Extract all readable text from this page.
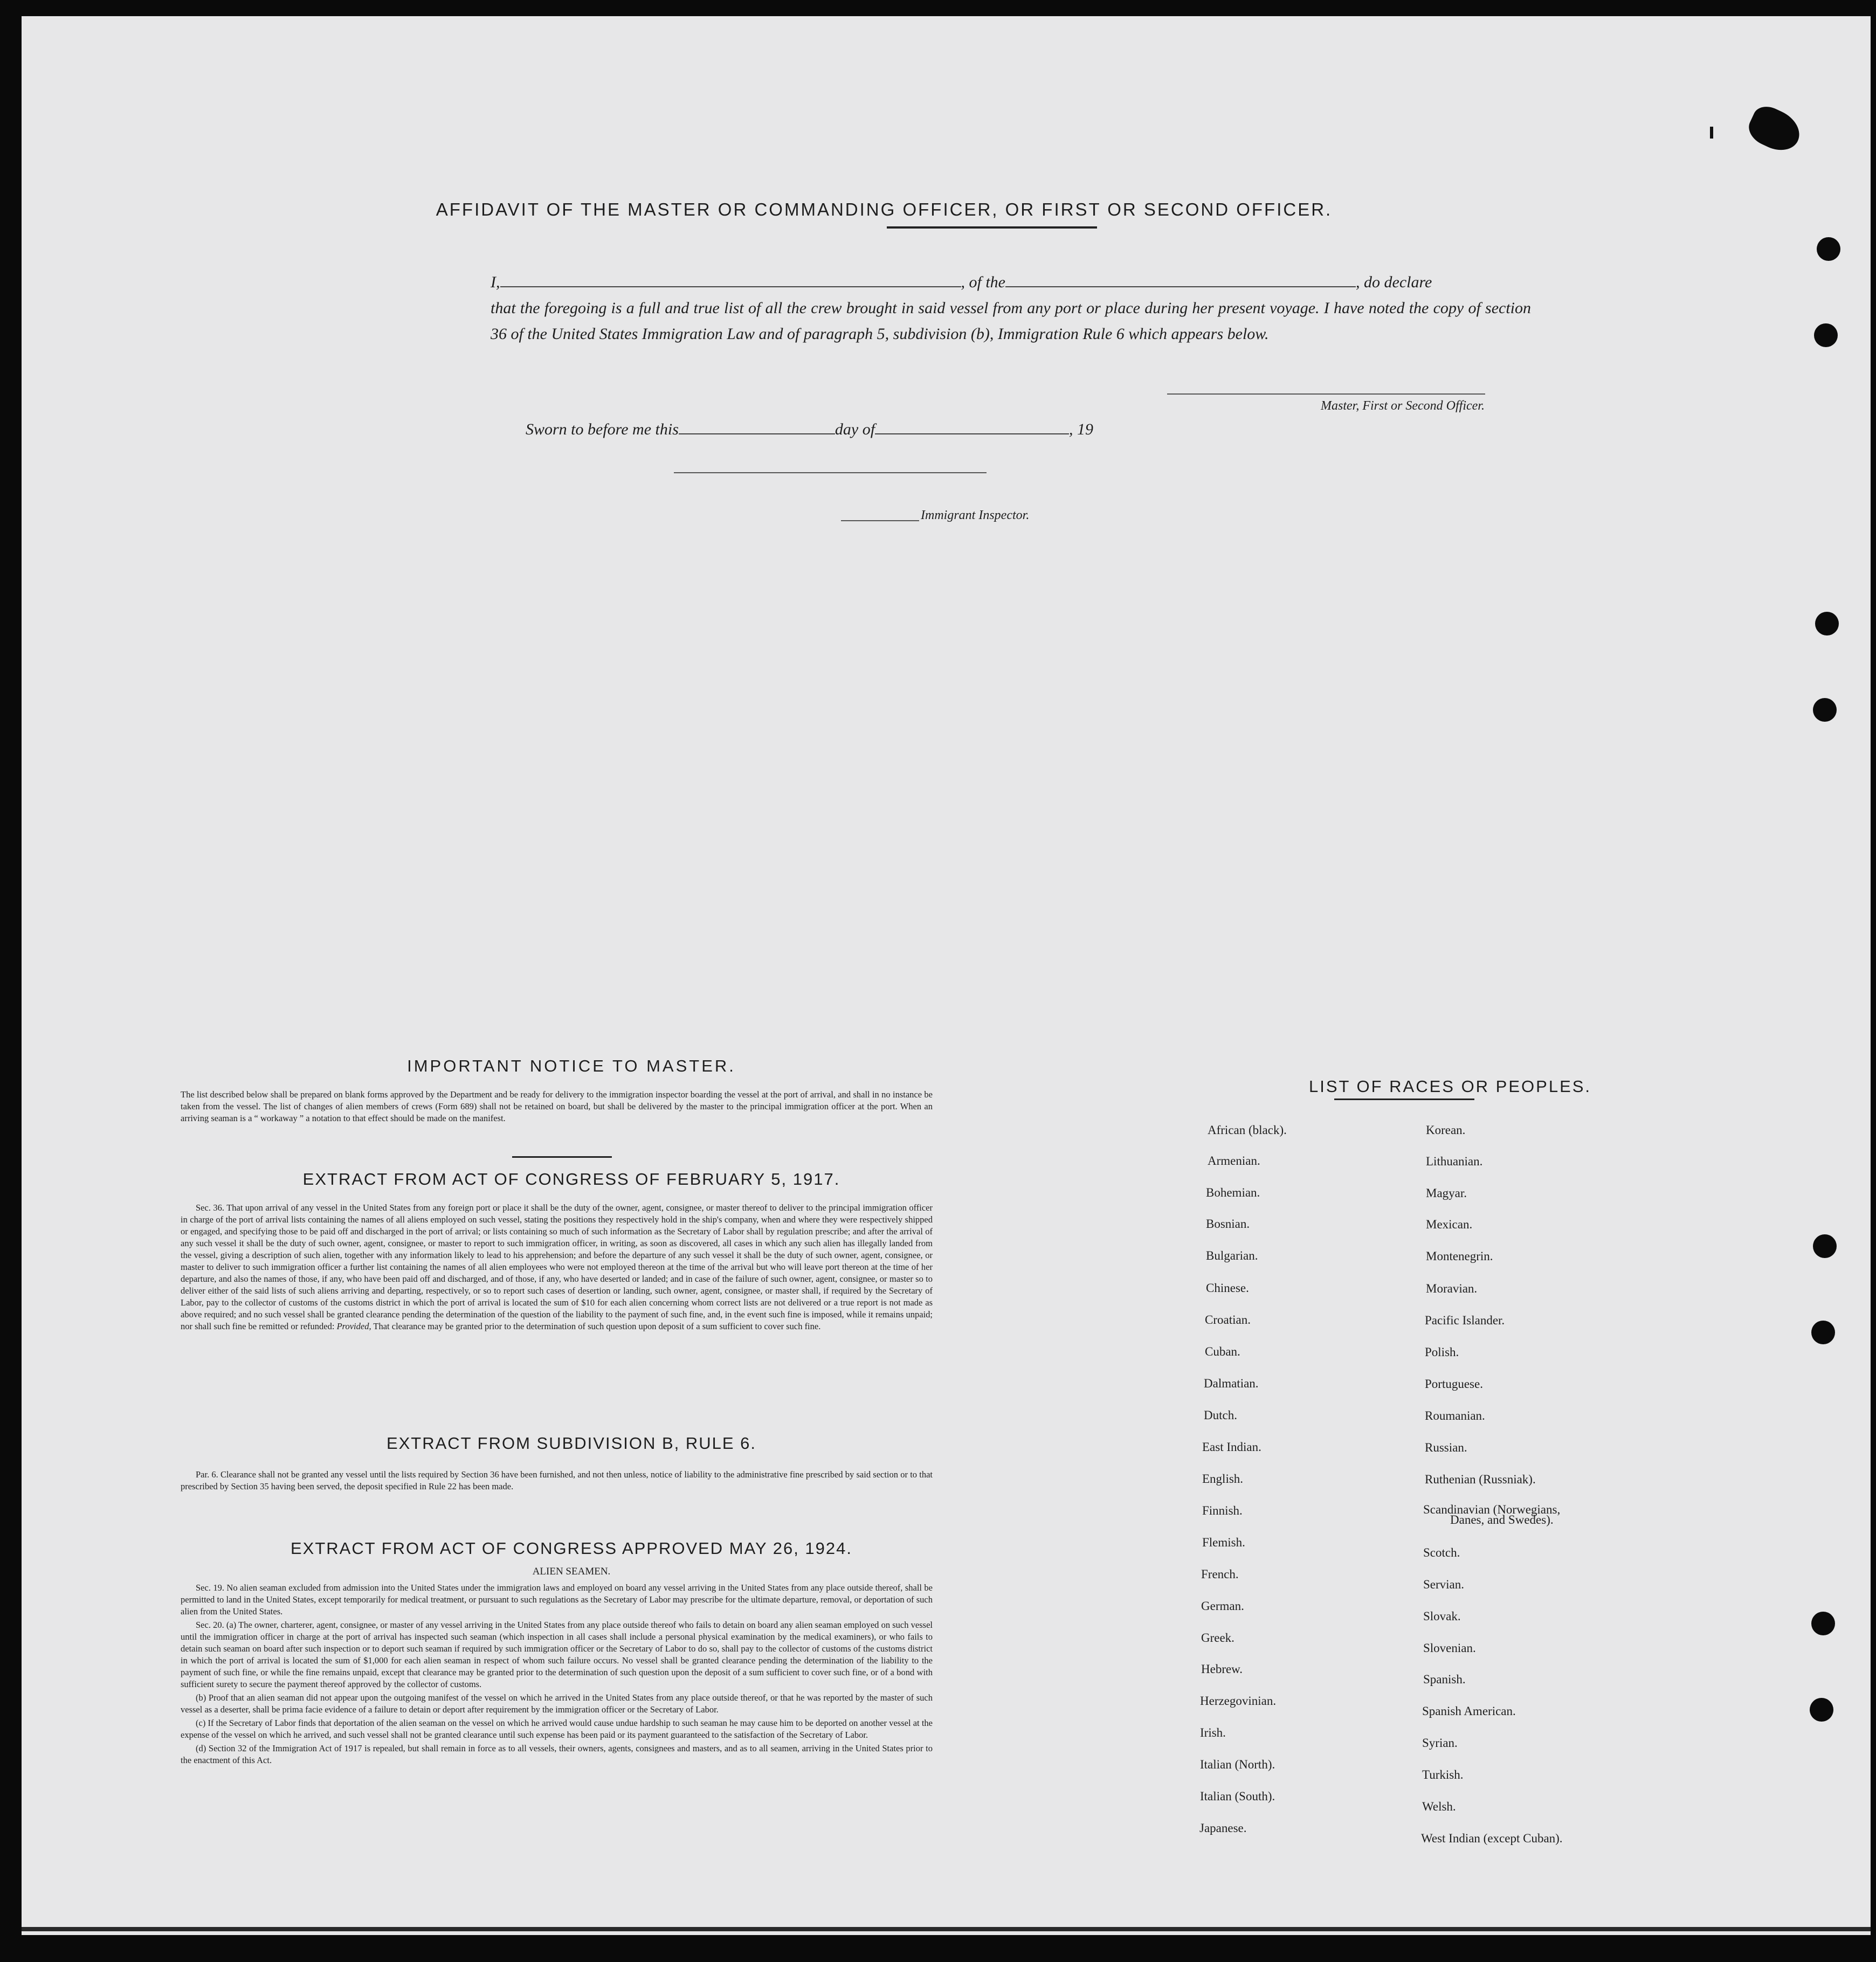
AFFIDAVIT OF THE MASTER OR COMMANDING OFFICER, OR FIRST OR SECOND OFFICER.
I,	, of the	, do declare
that the foregoing is a full and true list of all the crew brought in said vessel from any port or place during her present voyage. I have noted the copy of section 36 of the United States Immigration Law and of paragraph 5, subdivision (b), Immigration Rule 6 which appears below.
Master, First or Second Officer.
Sworn to before me this	day of	, 19
Immigrant Inspector.
IMPORTANT NOTICE TO MASTER.
The list described below shall be prepared on blank forms approved by the Department and be ready for delivery to the immigration inspector boarding the vessel at the port of arrival, and shall in no instance be taken from the vessel. The list of changes of alien members of crews (Form 689) shall not be retained on board, but shall be delivered by the master to the principal immigration officer at the port. When an arriving seaman is a “ workaway ” a notation to that effect should be made on the manifest.
EXTRACT FROM ACT OF CONGRESS OF FEBRUARY 5, 1917.
Sec. 36. That upon arrival of any vessel in the United States from any foreign port or place it shall be the duty of the owner, agent, consignee, or master thereof to deliver to the principal immigration officer in charge of the port of arrival lists containing the names of all aliens employed on such vessel, stating the positions they respectively hold in the ship's company, when and where they were respectively shipped or engaged, and specifying those to be paid off and discharged in the port of arrival; or lists containing so much of such information as the Secretary of Labor shall by regulation prescribe; and after the arrival of any such vessel it shall be the duty of such owner, agent, consignee, or master to report to such immigration officer, in writing, as soon as discovered, all cases in which any such alien has illegally landed from the vessel, giving a description of such alien, together with any information likely to lead to his apprehension; and before the departure of any such vessel it shall be the duty of such owner, agent, consignee, or master to deliver to such immigration officer a further list containing the names of all alien employees who were not employed thereon at the time of the arrival but who will leave port thereon at the time of her departure, and also the names of those, if any, who have been paid off and discharged, and of those, if any, who have deserted or landed; and in case of the failure of such owner, agent, consignee, or master so to deliver either of the said lists of such aliens arriving and departing, respectively, or so to report such cases of desertion or landing, such owner, agent, consignee, or master shall, if required by the Secretary of Labor, pay to the collector of customs of the customs district in which the port of arrival is located the sum of $10 for each alien concerning whom correct lists are not delivered or a true report is not made as above required; and no such vessel shall be granted clearance pending the determination of the question of the liability to the payment of such fine, and, in the event such fine is imposed, while it remains unpaid; nor shall such fine be remitted or refunded: Provided, That clearance may be granted prior to the determination of such question upon deposit of a sum sufficient to cover such fine.
EXTRACT FROM SUBDIVISION B, RULE 6.
Par. 6. Clearance shall not be granted any vessel until the lists required by Section 36 have been furnished, and not then unless, notice of liability to the administrative fine prescribed by said section or to that prescribed by Section 35 having been served, the deposit specified in Rule 22 has been made.
EXTRACT FROM ACT OF CONGRESS APPROVED MAY 26, 1924.
ALIEN SEAMEN.
Sec. 19. No alien seaman excluded from admission into the United States under the immigration laws and employed on board any vessel arriving in the United States from any place outside thereof, shall be permitted to land in the United States, except temporarily for medical treatment, or pursuant to such regulations as the Secretary of Labor may prescribe for the ultimate departure, removal, or deportation of such alien from the United States.
Sec. 20. (a) The owner, charterer, agent, consignee, or master of any vessel arriving in the United States from any place outside thereof who fails to detain on board any alien seaman employed on such vessel until the immigration officer in charge at the port of arrival has inspected such seaman (which inspection in all cases shall include a personal physical examination by the medical examiners), or who fails to detain such seaman on board after such inspection or to deport such seaman if required by such immigration officer or the Secretary of Labor to do so, shall pay to the collector of customs of the customs district in which the port of arrival is located the sum of $1,000 for each alien seaman in respect of whom such failure occurs. No vessel shall be granted clearance pending the determination of the liability to the payment of such fine, or while the fine remains unpaid, except that clearance may be granted prior to the determination of such question upon the deposit of a sum sufficient to cover such fine, or of a bond with sufficient surety to secure the payment thereof approved by the collector of customs.
(b) Proof that an alien seaman did not appear upon the outgoing manifest of the vessel on which he arrived in the United States from any place outside thereof, or that he was reported by the master of such vessel as a deserter, shall be prima facie evidence of a failure to detain or deport after requirement by the immigration officer or the Secretary of Labor.
(c) If the Secretary of Labor finds that deportation of the alien seaman on the vessel on which he arrived would cause undue hardship to such seaman he may cause him to be deported on another vessel at the expense of the vessel on which he arrived, and such vessel shall not be granted clearance until such expense has been paid or its payment guaranteed to the satisfaction of the Secretary of Labor.
(d) Section 32 of the Immigration Act of 1917 is repealed, but shall remain in force as to all vessels, their owners, agents, consignees and masters, and as to all seamen, arriving in the United States prior to the enactment of this Act.
LIST OF RACES OR PEOPLES.
Danes, and Swedes).
African (black).
Armenian.
Bohemian.
Bosnian.
Bulgarian.
Chinese.
Croatian.
Cuban.
Dalmatian.
Dutch.
East Indian.
English.
Finnish.
Flemish.
French.
German.
Greek.
Hebrew.
Herzegovinian.
Irish.
Italian (North).
Italian (South).
Japanese.
Korean.
Lithuanian.
Magyar.
Mexican.
Montenegrin.
Moravian.
Pacific Islander.
Polish.
Portuguese.
Roumanian.
Russian.
Ruthenian (Russniak).
Scandinavian (Norwegians,
Scotch.
Servian.
Slovak.
Slovenian.
Spanish.
Spanish American.
Syrian.
Turkish.
Welsh.
West Indian (except Cuban).
